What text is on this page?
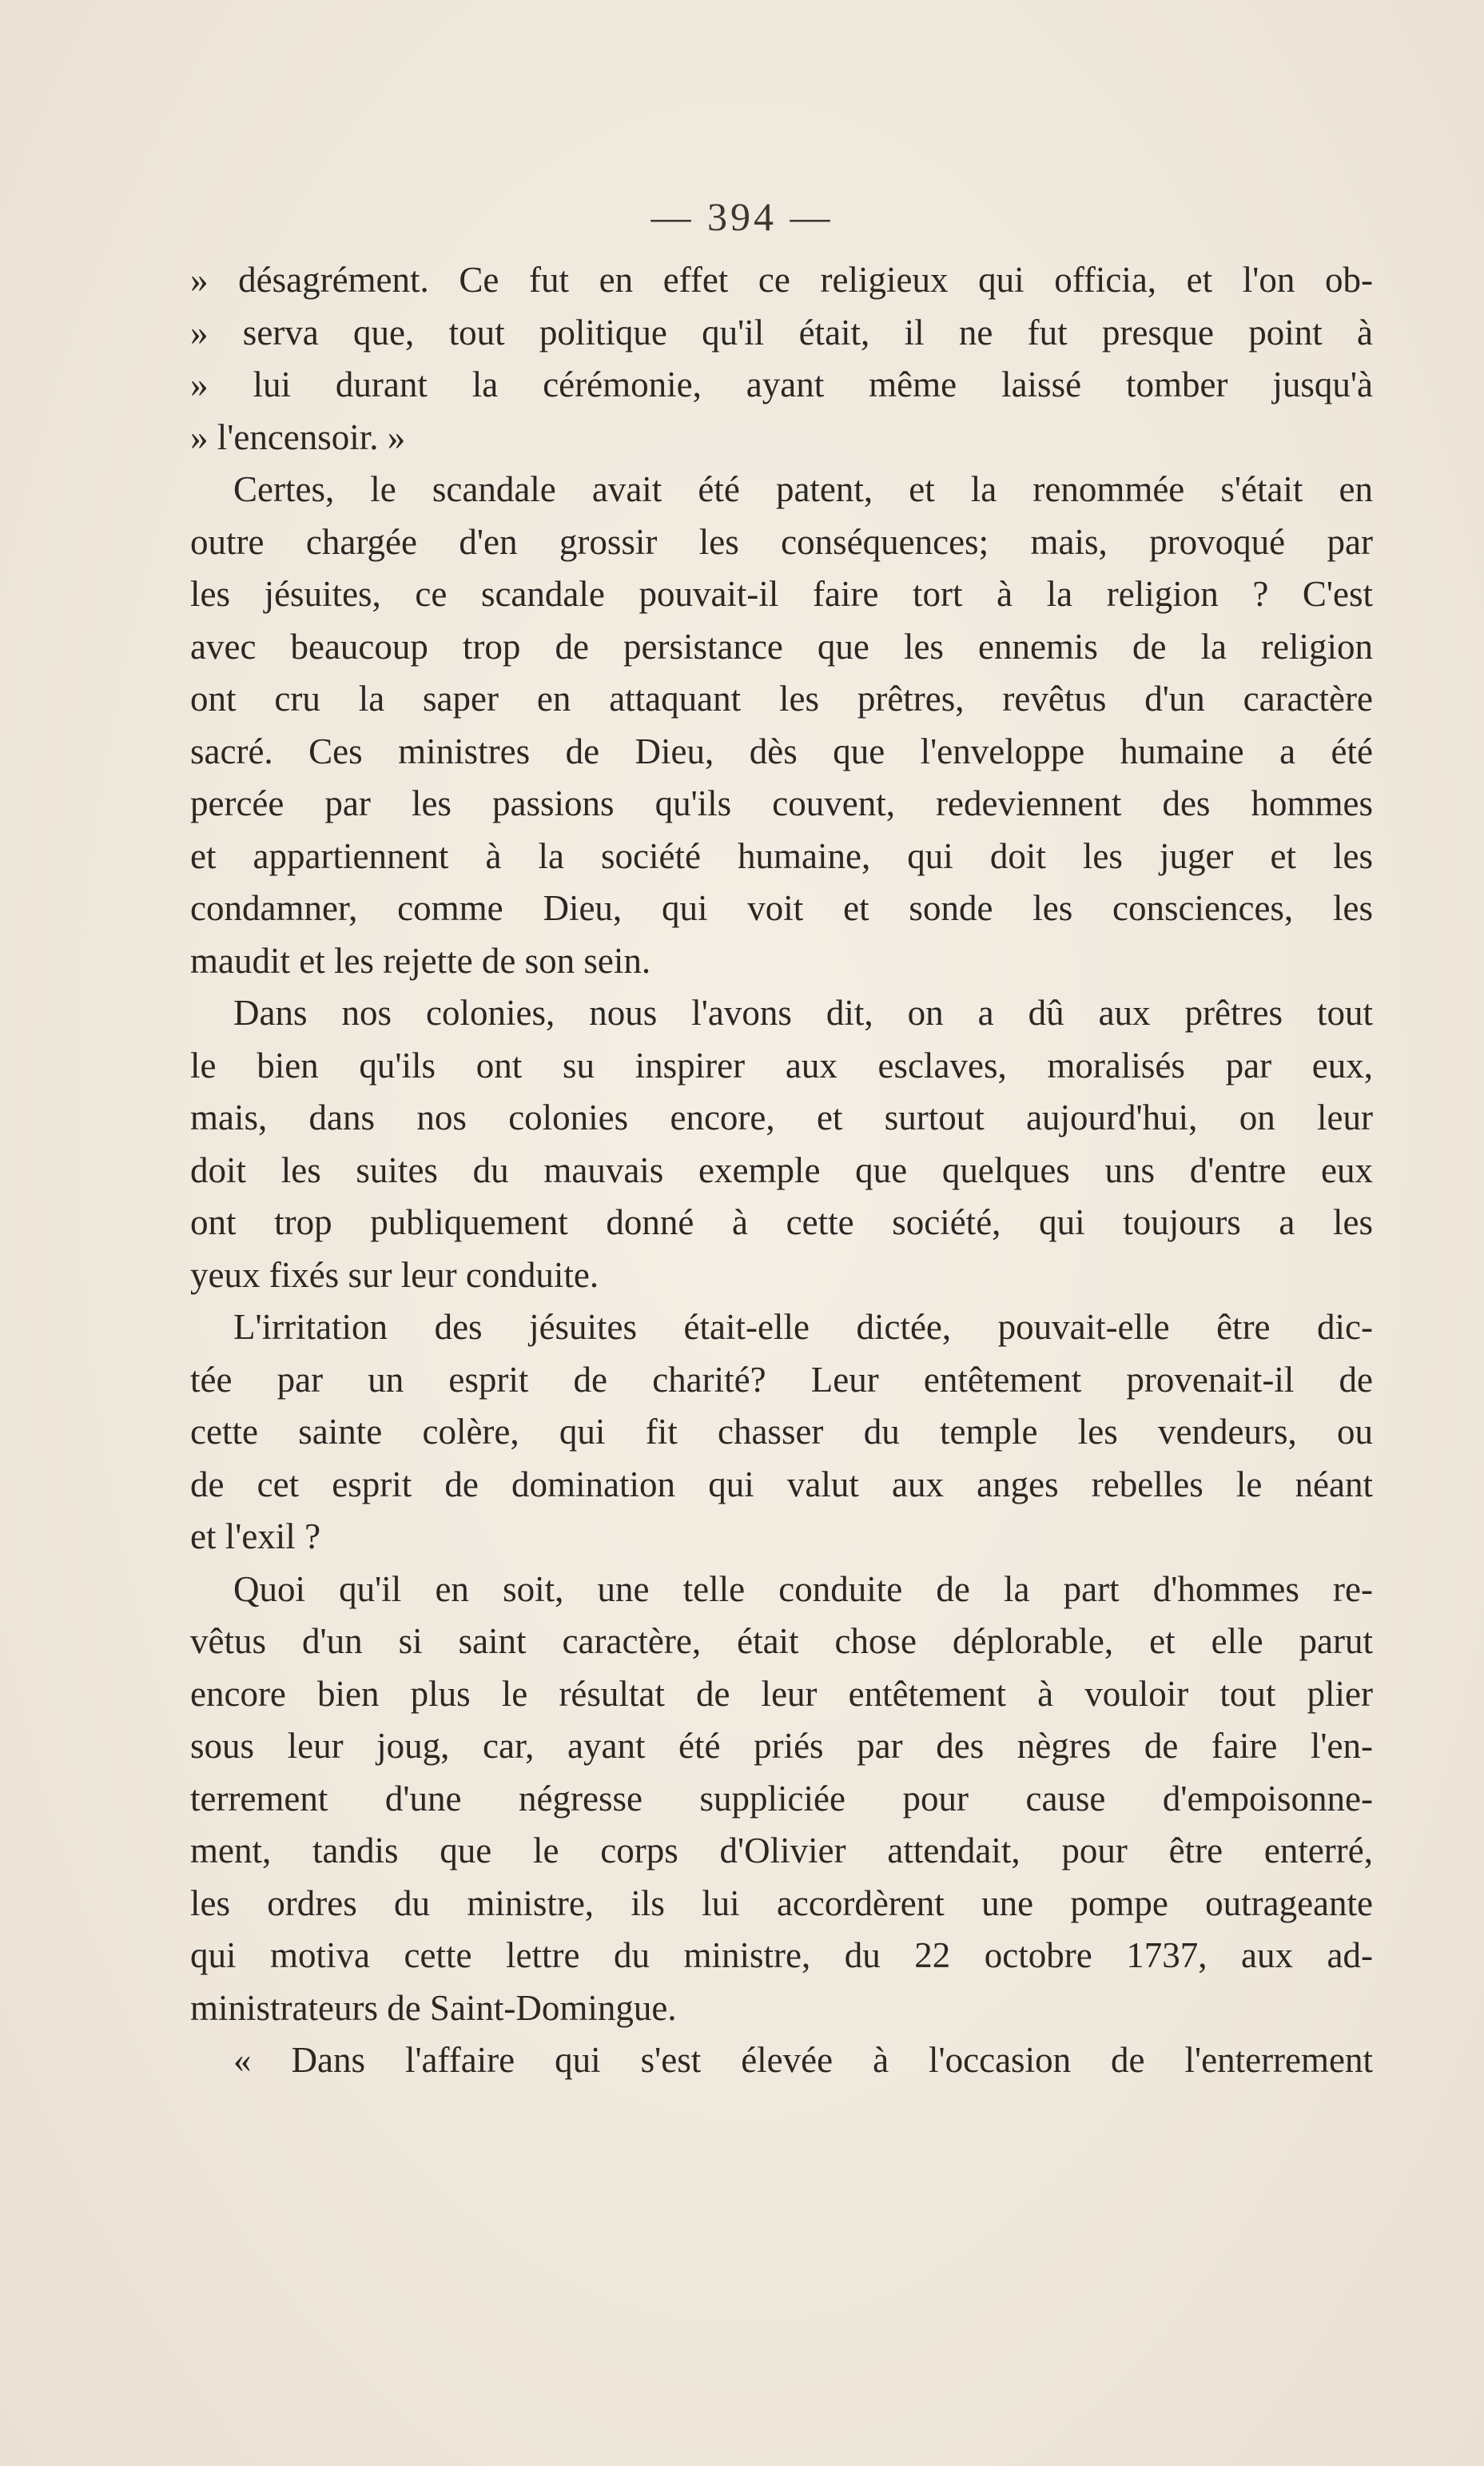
— 394 —
» désagrément. Ce fut en effet ce religieux qui officia, et l'on ob-
» serva que, tout politique qu'il était, il ne fut presque point à
» lui durant la cérémonie, ayant même laissé tomber jusqu'à
» l'encensoir. »
Certes, le scandale avait été patent, et la renommée s'était en
outre chargée d'en grossir les conséquences; mais, provoqué par
les jésuites, ce scandale pouvait-il faire tort à la religion ? C'est
avec beaucoup trop de persistance que les ennemis de la religion
ont cru la saper en attaquant les prêtres, revêtus d'un caractère
sacré. Ces ministres de Dieu, dès que l'enveloppe humaine a été
percée par les passions qu'ils couvent, redeviennent des hommes
et appartiennent à la société humaine, qui doit les juger et les
condamner, comme Dieu, qui voit et sonde les consciences, les
maudit et les rejette de son sein.
Dans nos colonies, nous l'avons dit, on a dû aux prêtres tout
le bien qu'ils ont su inspirer aux esclaves, moralisés par eux,
mais, dans nos colonies encore, et surtout aujourd'hui, on leur
doit les suites du mauvais exemple que quelques uns d'entre eux
ont trop publiquement donné à cette société, qui toujours a les
yeux fixés sur leur conduite.
L'irritation des jésuites était-elle dictée, pouvait-elle être dic-
tée par un esprit de charité? Leur entêtement provenait-il de
cette sainte colère, qui fit chasser du temple les vendeurs, ou
de cet esprit de domination qui valut aux anges rebelles le néant
et l'exil ?
Quoi qu'il en soit, une telle conduite de la part d'hommes re-
vêtus d'un si saint caractère, était chose déplorable, et elle parut
encore bien plus le résultat de leur entêtement à vouloir tout plier
sous leur joug, car, ayant été priés par des nègres de faire l'en-
terrement d'une négresse suppliciée pour cause d'empoisonne-
ment, tandis que le corps d'Olivier attendait, pour être enterré,
les ordres du ministre, ils lui accordèrent une pompe outrageante
qui motiva cette lettre du ministre, du 22 octobre 1737, aux ad-
ministrateurs de Saint-Domingue.
« Dans l'affaire qui s'est élevée à l'occasion de l'enterrement
